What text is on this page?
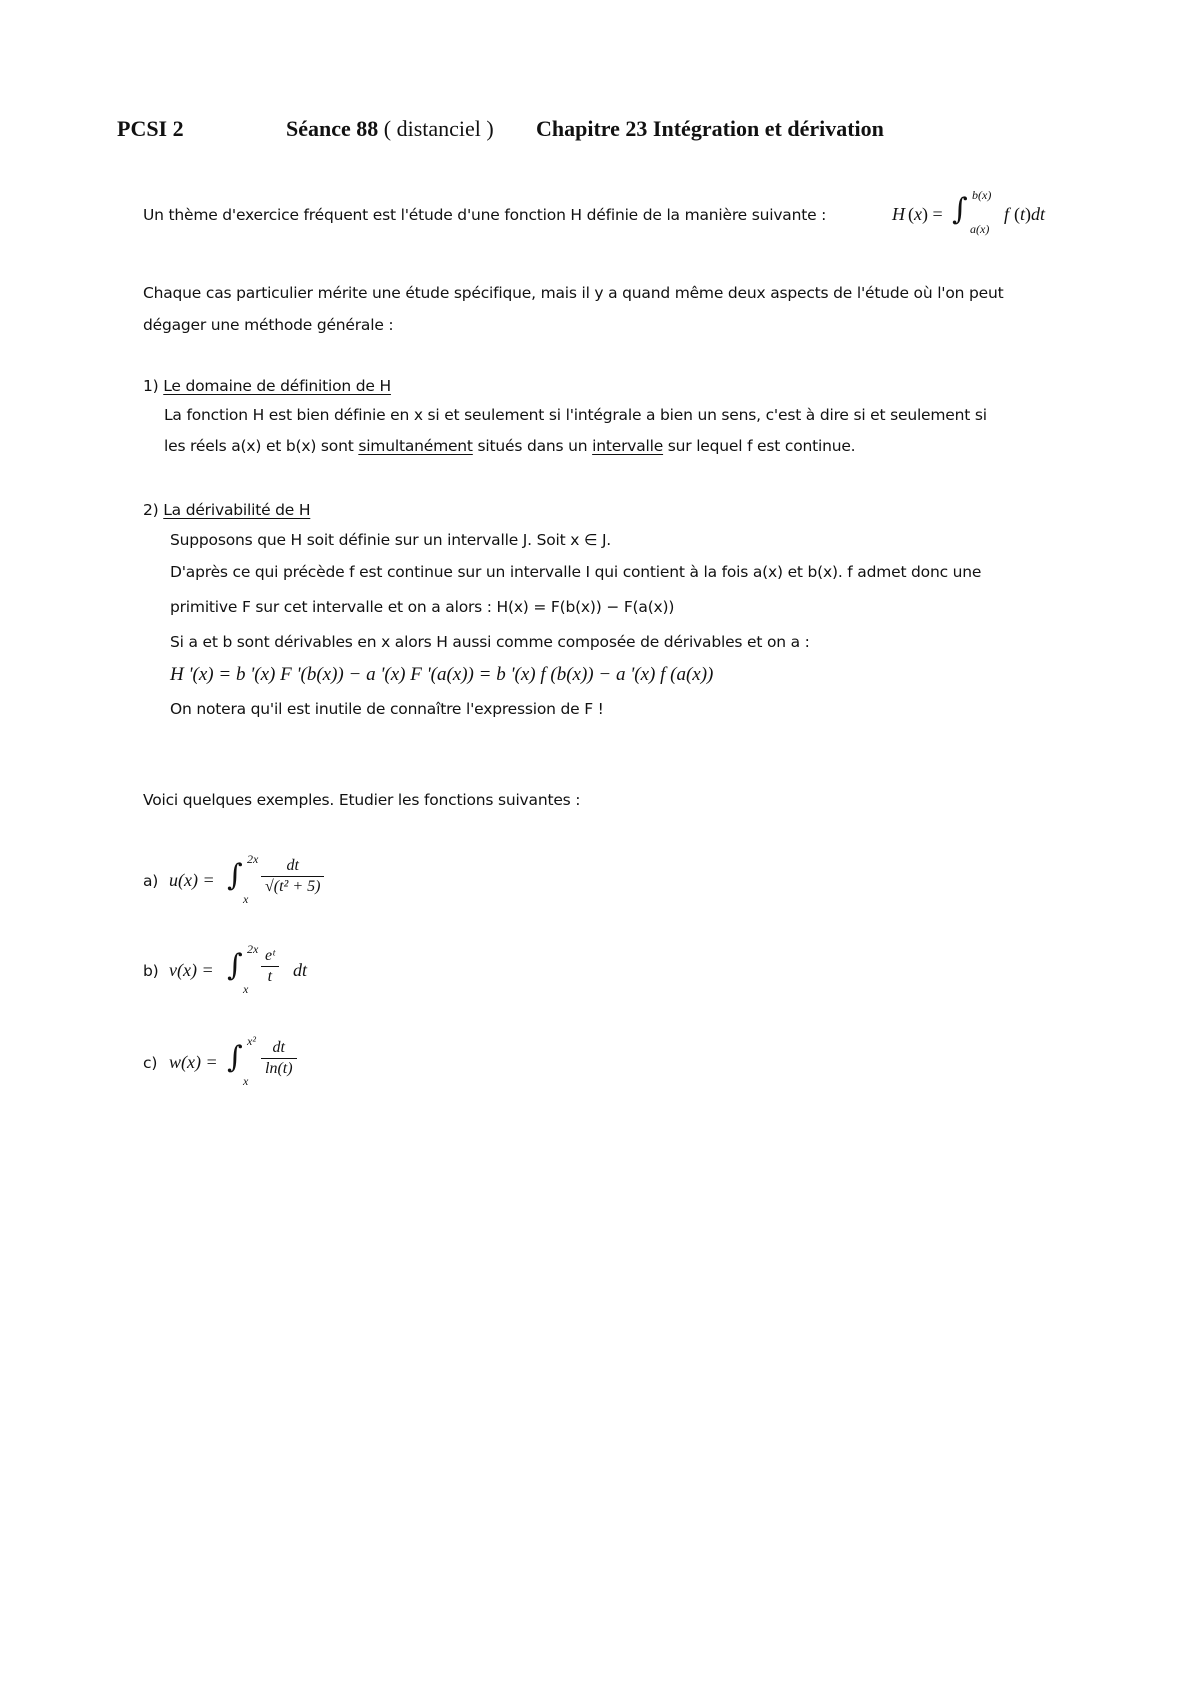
PCSI 2	Séance 88 ( distanciel ) Chapitre 23 Intégration et dérivation
Un thème d'exercice fréquent est l'étude d'une fonction H définie de la manière suivante :	H (x) = ∫ b(x)
a(x)
f (t)dt
Chaque cas particulier mérite une étude spécifique, mais il y a quand même deux aspects de l'étude où l'on peut
dégager une méthode générale :
1) Le domaine de définition de H
La fonction H est bien définie en x si et seulement si l'intégrale a bien un sens, c'est à dire si et seulement si
les réels a(x) et b(x) sont simultanément situés dans un intervalle sur lequel f est continue.
2) La dérivabilité de H
Supposons que H soit définie sur un intervalle J. Soit x ∈ J.
D'après ce qui précède f est continue sur un intervalle I qui contient à la fois a(x) et b(x). f admet donc une
primitive F sur cet intervalle et on a alors : H(x) = F(b(x)) − F(a(x))
Si a et b sont dérivables en x alors H aussi comme composée de dérivables et on a :
H '(x) = b '(x) F '(b(x)) − a '(x) F '(a(x)) = b '(x) f (b(x)) − a '(x) f (a(x))
On notera qu'il est inutile de connaître l'expression de F !
Voici quelques exemples. Etudier les fonctions suivantes :
a) u(x) = ∫ 2x
x
$\frac{dt}{\text{√(t² + 5)}}$
b) v(x) = ∫ 2x
x
$\frac{\text{eᵗ}}{t}$ dt
c) w(x) = ∫ x²
x
$\frac{dt}{\ln(t)}$
